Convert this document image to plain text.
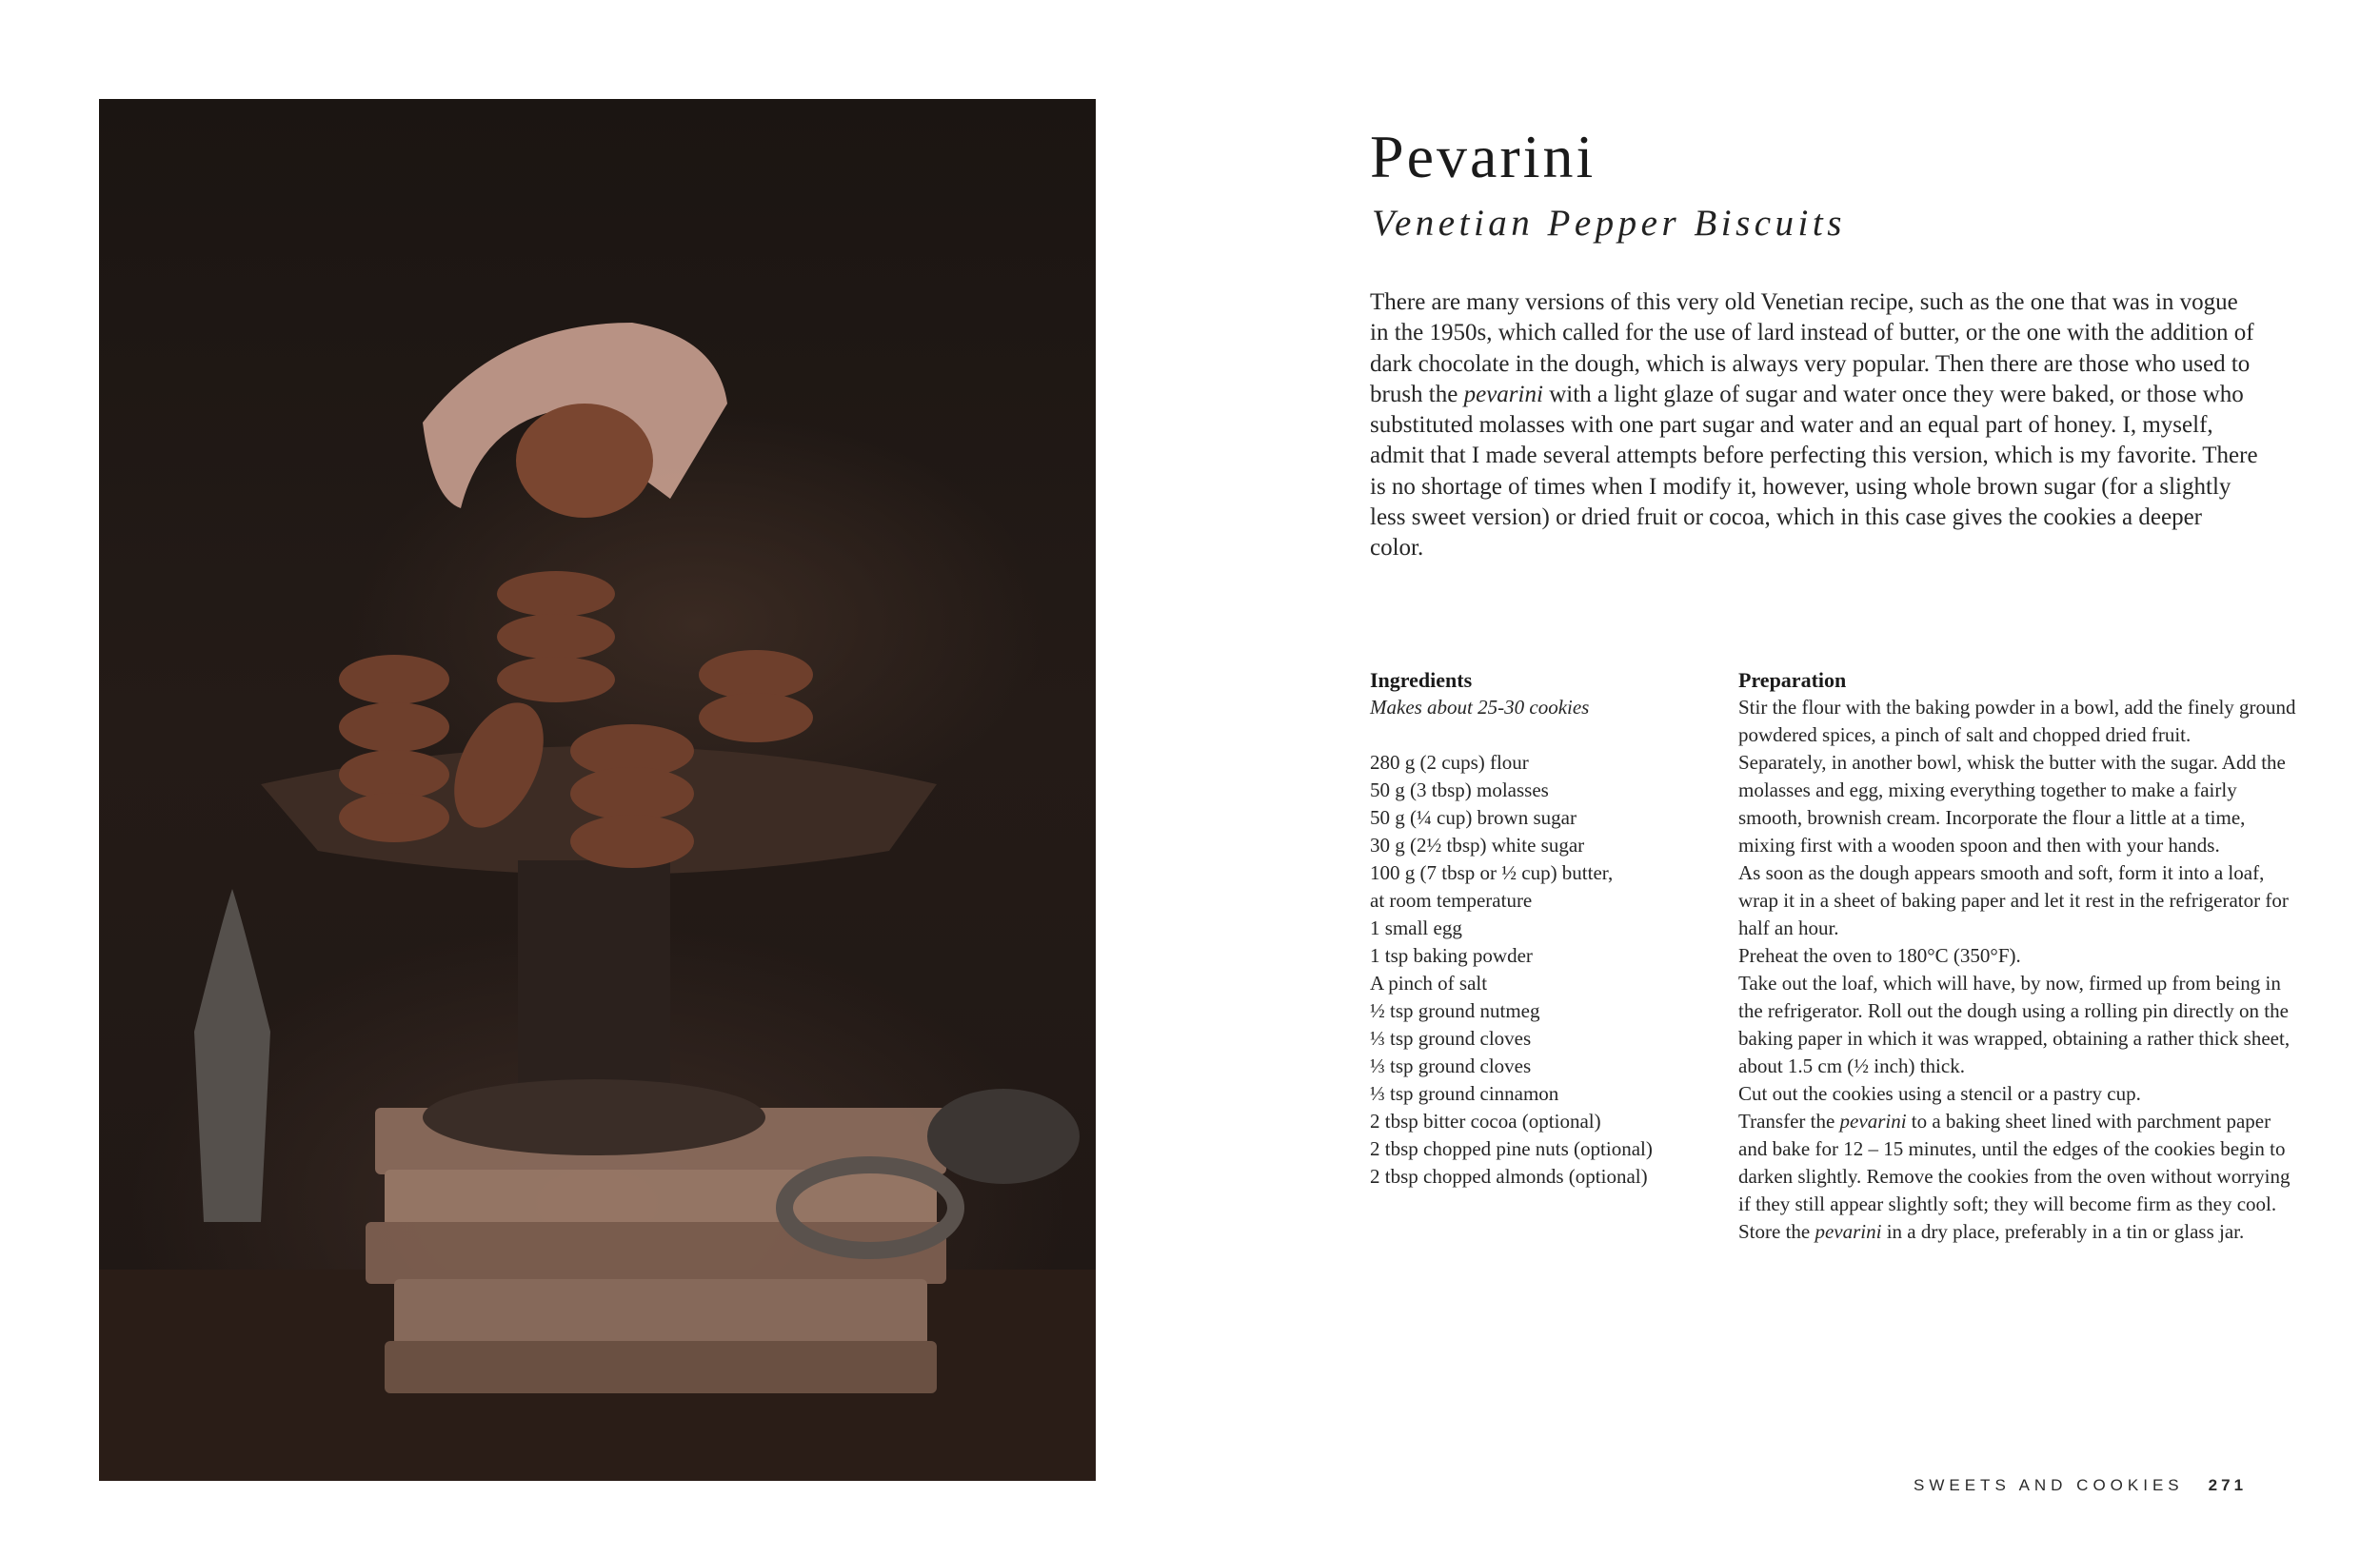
Pevarini
Venetian Pepper Biscuits

There are many versions of this very old Venetian recipe, such as the one that was in vogue in the 1950s, which called for the use of lard instead of butter, or the one with the addition of dark chocolate in the dough, which is always very popular. Then there are those who used to brush the pevarini with a light glaze of sugar and water once they were baked, or those who substituted molasses with one part sugar and water and an equal part of honey. I, myself, admit that I made several attempts before perfecting this version, which is my favorite. There is no shortage of times when I modify it, however, using whole brown sugar (for a slightly less sweet version) or dried fruit or cocoa, which in this case gives the cookies a deeper color.

Ingredients
Makes about 25-30 cookies
280 g (2 cups) flour
50 g (3 tbsp) molasses
50 g (¼ cup) brown sugar
30 g (2½ tbsp) white sugar
100 g (7 tbsp or ½ cup) butter,
at room temperature
1 small egg
1 tsp baking powder
A pinch of salt
½ tsp ground nutmeg
⅓ tsp ground cloves
⅓ tsp ground cloves
⅓ tsp ground cinnamon
2 tbsp bitter cocoa (optional)
2 tbsp chopped pine nuts (optional)
2 tbsp chopped almonds (optional)
Preparation

Stir the flour with the baking powder in a bowl, add the finely ground powdered spices, a pinch of salt and chopped dried fruit.

Separately, in another bowl, whisk the butter with the sugar. Add the molasses and egg, mixing everything together to make a fairly smooth, brownish cream. Incorporate the flour a little at a time, mixing first with a wooden spoon and then with your hands.

As soon as the dough appears smooth and soft, form it into a loaf, wrap it in a sheet of baking paper and let it rest in the refrigerator for half an hour.

Preheat the oven to 180°C (350°F).

Take out the loaf, which will have, by now, firmed up from being in the refrigerator. Roll out the dough using a rolling pin directly on the baking paper in which it was wrapped, obtaining a rather thick sheet, about 1.5 cm (½ inch) thick.

Cut out the cookies using a stencil or a pastry cup.

Transfer the pevarini to a baking sheet lined with parchment paper and bake for 12 – 15 minutes, until the edges of the cookies begin to darken slightly. Remove the cookies from the oven without worrying if they still appear slightly soft; they will become firm as they cool. Store the pevarini in a dry place, preferably in a tin or glass jar.

SWEETS AND COOKIES 271
